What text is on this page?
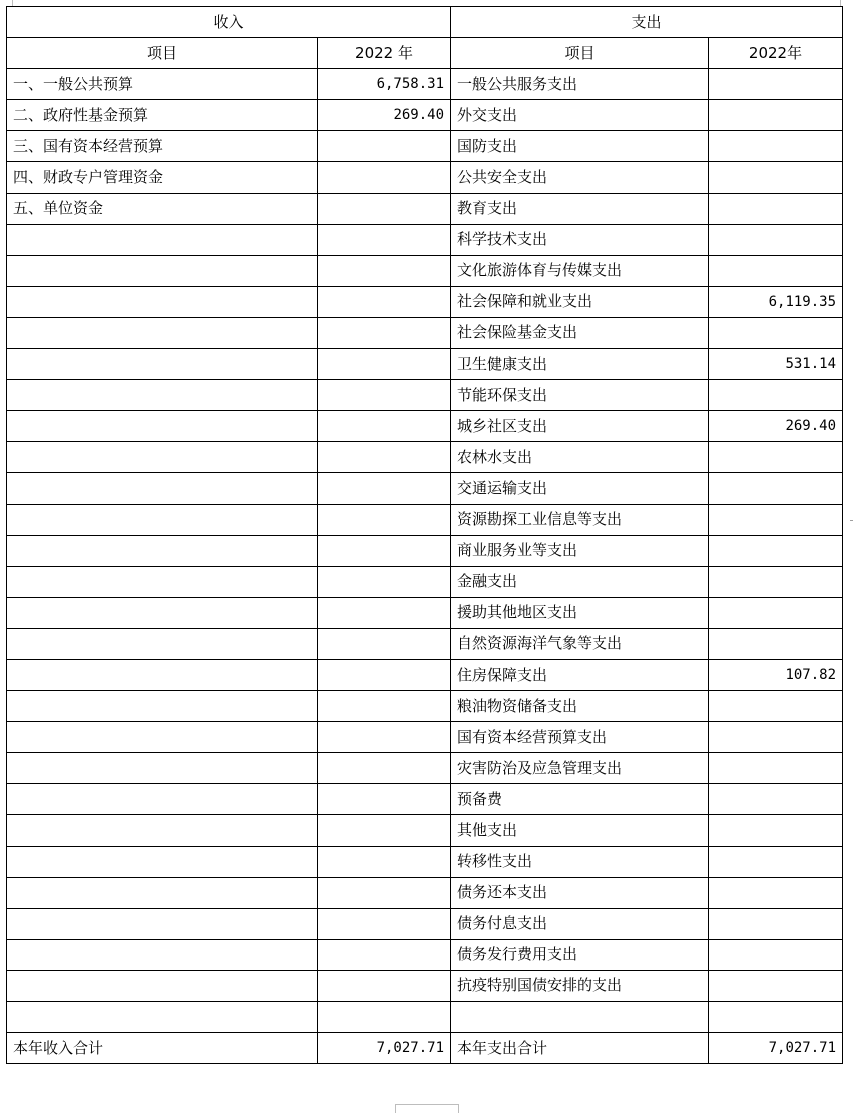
收入		支出	
项目	2022 年	项目	2022年
一、一般公共预算	6,758.31	一般公共服务支出	
二、政府性基金预算	269.40	外交支出	
三、国有资本经营预算		国防支出	
四、财政专户管理资金		公共安全支出	
五、单位资金		教育支出	
		科学技术支出	
		文化旅游体育与传媒支出	
		社会保障和就业支出	6,119.35
		社会保险基金支出	
		卫生健康支出	531.14
		节能环保支出	
		城乡社区支出	269.40
		农林水支出	
		交通运输支出	
		资源勘探工业信息等支出	
		商业服务业等支出	
		金融支出	
		援助其他地区支出	
		自然资源海洋气象等支出	
		住房保障支出	107.82
		粮油物资储备支出	
		国有资本经营预算支出	
		灾害防治及应急管理支出	
		预备费	
		其他支出	
		转移性支出	
		债务还本支出	
		债务付息支出	
		债务发行费用支出	
		抗疫特别国债安排的支出	

本年收入合计	7,027.71	本年支出合计	7,027.71
